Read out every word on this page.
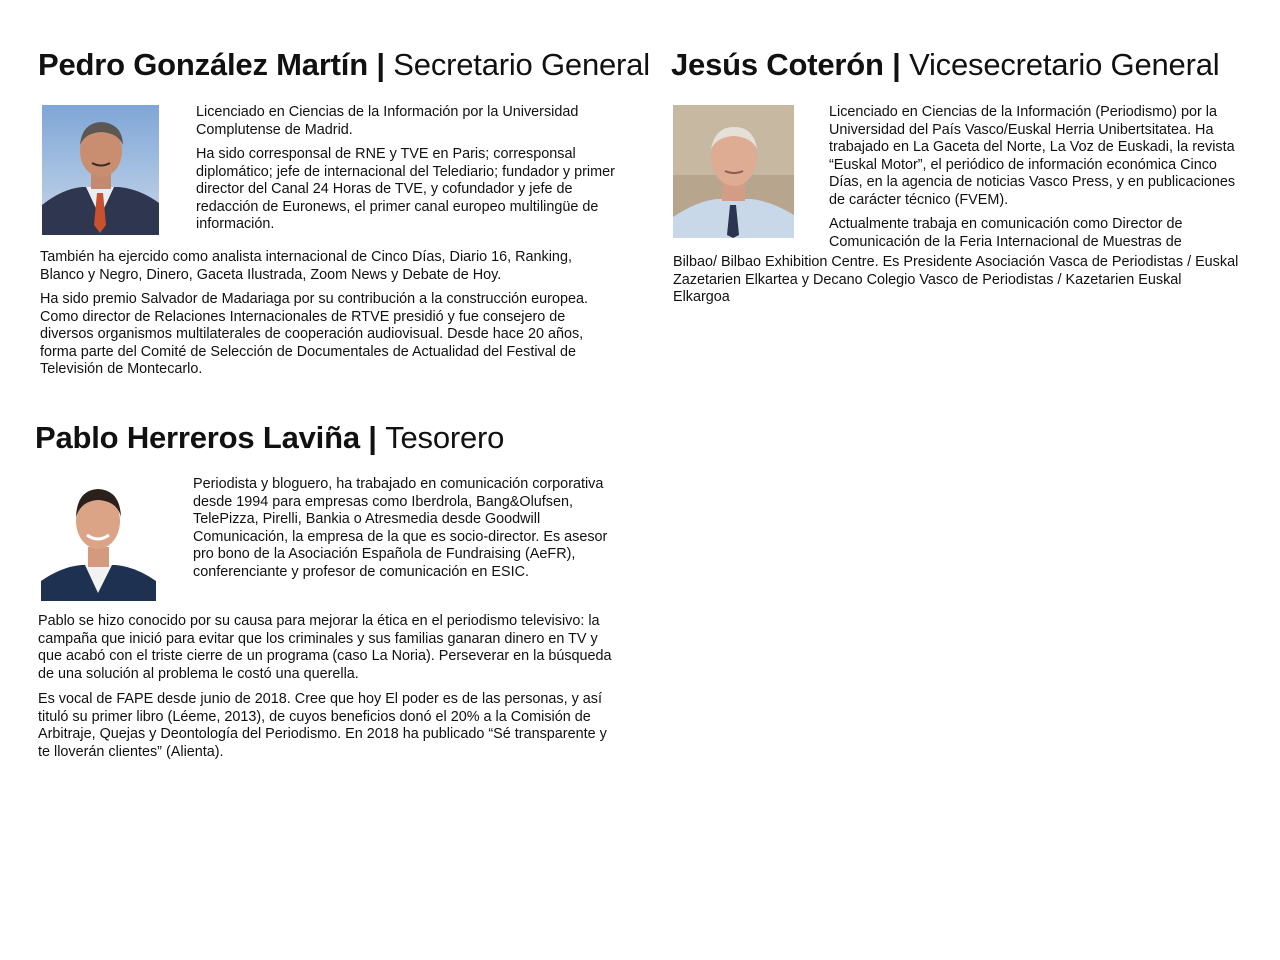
Pedro González Martín | Secretario General
Licenciado en Ciencias de la Información por la Universidad Complutense de Madrid.
Ha sido corresponsal de RNE y TVE en Paris; corresponsal diplomático; jefe de internacional del Telediario; fundador y primer director del Canal 24 Horas de TVE, y cofundador y jefe de redacción de Euronews, el primer canal europeo multilingüe de información.
También ha ejercido como analista internacional de Cinco Días, Diario 16, Ranking, Blanco y Negro, Dinero, Gaceta Ilustrada, Zoom News y Debate de Hoy.
Ha sido premio Salvador de Madariaga por su contribución a la construcción europea. Como director de Relaciones Internacionales de RTVE presidió y fue consejero de diversos organismos multilaterales de cooperación audiovisual. Desde hace 20 años, forma parte del Comité de Selección de Documentales de Actualidad del Festival de Televisión de Montecarlo.
Jesús Coterón | Vicesecretario General
Licenciado en Ciencias de la Información (Periodismo) por la Universidad del País Vasco/Euskal Herria Unibertsitatea. Ha trabajado en La Gaceta del Norte, La Voz de Euskadi, la revista “Euskal Motor”, el periódico de información económica Cinco Días, en la agencia de noticias Vasco Press, y en publicaciones de carácter técnico (FVEM).
Actualmente trabaja en comunicación como Director de Comunicación de la Feria Internacional de Muestras de
Bilbao/ Bilbao Exhibition Centre. Es Presidente Asociación Vasca de Periodistas / Euskal Zazetarien Elkartea y Decano Colegio Vasco de Periodistas / Kazetarien Euskal Elkargoa
Pablo Herreros Laviña | Tesorero
Periodista y bloguero, ha trabajado en comunicación corporativa desde 1994 para empresas como Iberdrola, Bang&Olufsen, TelePizza, Pirelli, Bankia o Atresmedia desde Goodwill Comunicación, la empresa de la que es socio-director. Es asesor pro bono de la Asociación Española de Fundraising (AeFR), conferenciante y profesor de comunicación en ESIC.
Pablo se hizo conocido por su causa para mejorar la ética en el periodismo televisivo: la campaña que inició para evitar que los criminales y sus familias ganaran dinero en TV y que acabó con el triste cierre de un programa (caso La Noria). Perseverar en la búsqueda de una solución al problema le costó una querella.
Es vocal de FAPE desde junio de 2018. Cree que hoy El poder es de las personas, y así tituló su primer libro (Léeme, 2013), de cuyos beneficios donó el 20% a la Comisión de Arbitraje, Quejas y Deontología del Periodismo. En 2018 ha publicado “Sé transparente y te lloverán clientes” (Alienta).
